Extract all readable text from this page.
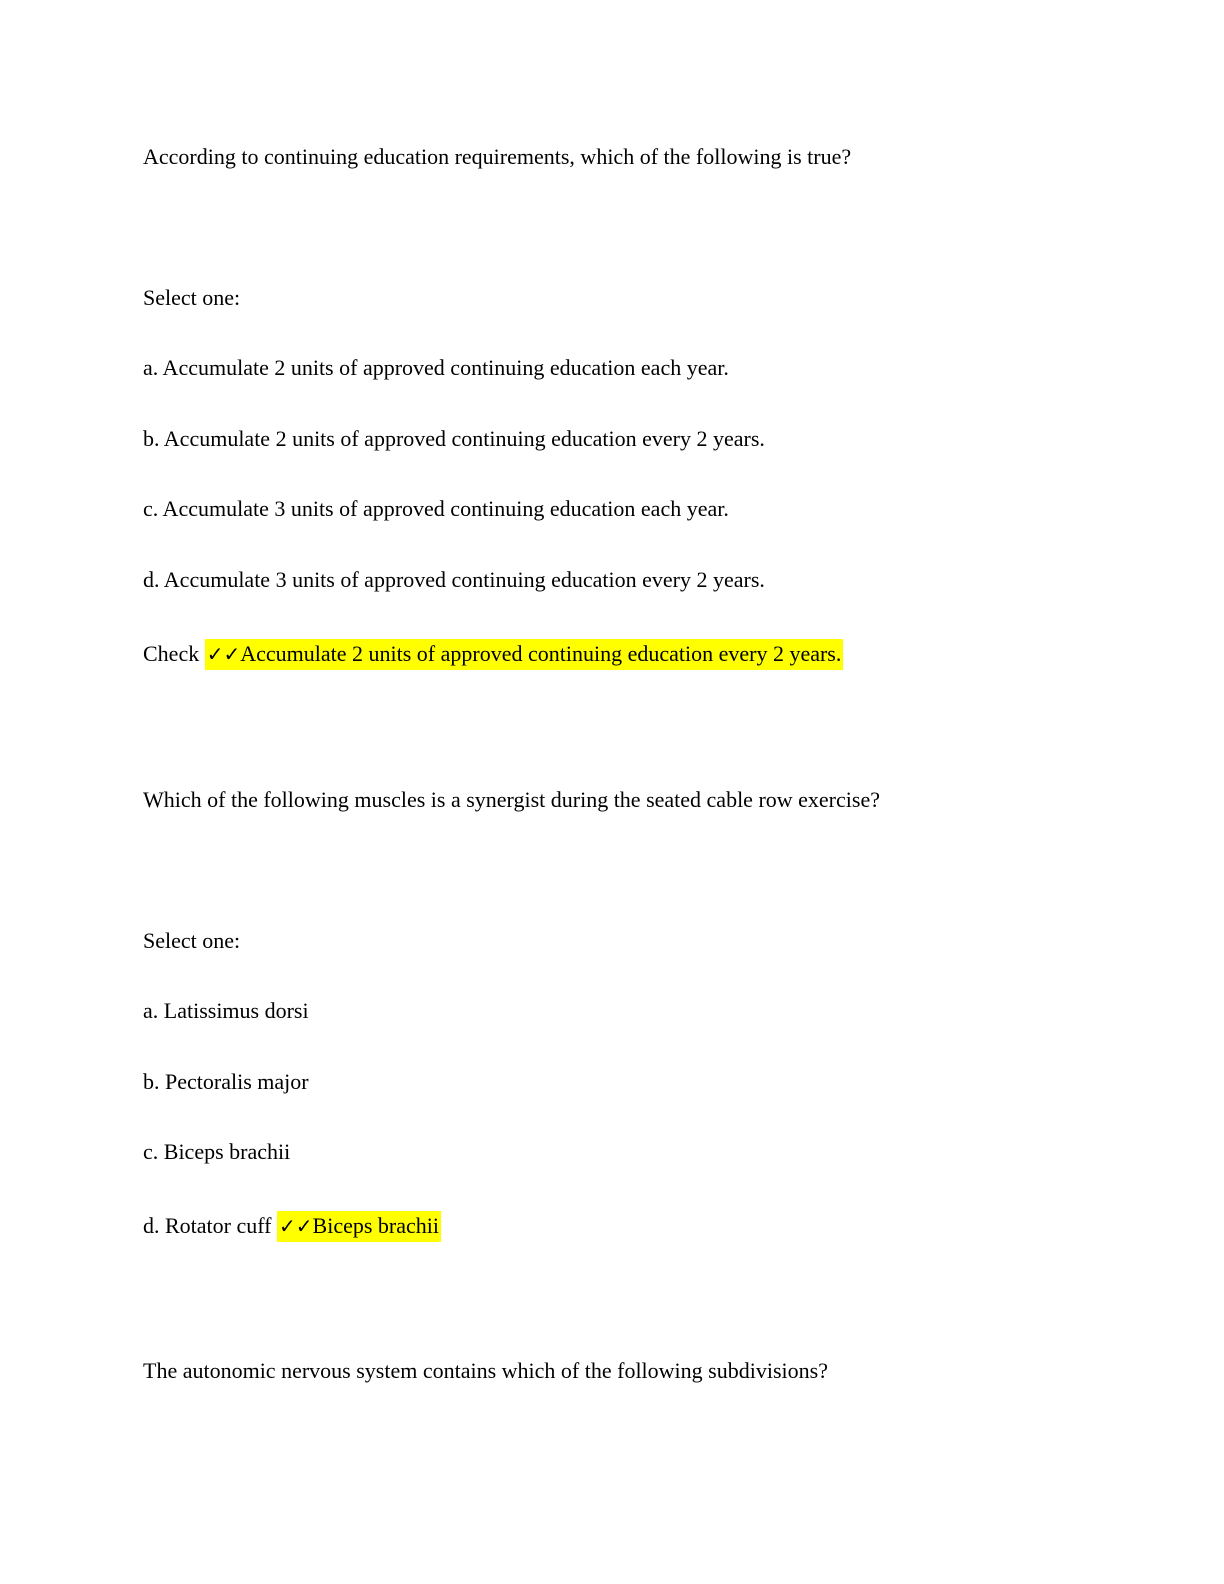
According to continuing education requirements, which of the following is true?
Select one:
a. Accumulate 2 units of approved continuing education each year.
b. Accumulate 2 units of approved continuing education every 2 years.
c. Accumulate 3 units of approved continuing education each year.
d. Accumulate 3 units of approved continuing education every 2 years.
Check ✓✓Accumulate 2 units of approved continuing education every 2 years.
Which of the following muscles is a synergist during the seated cable row exercise?
Select one:
a. Latissimus dorsi
b. Pectoralis major
c. Biceps brachii
d. Rotator cuff ✓✓Biceps brachii
The autonomic nervous system contains which of the following subdivisions?
